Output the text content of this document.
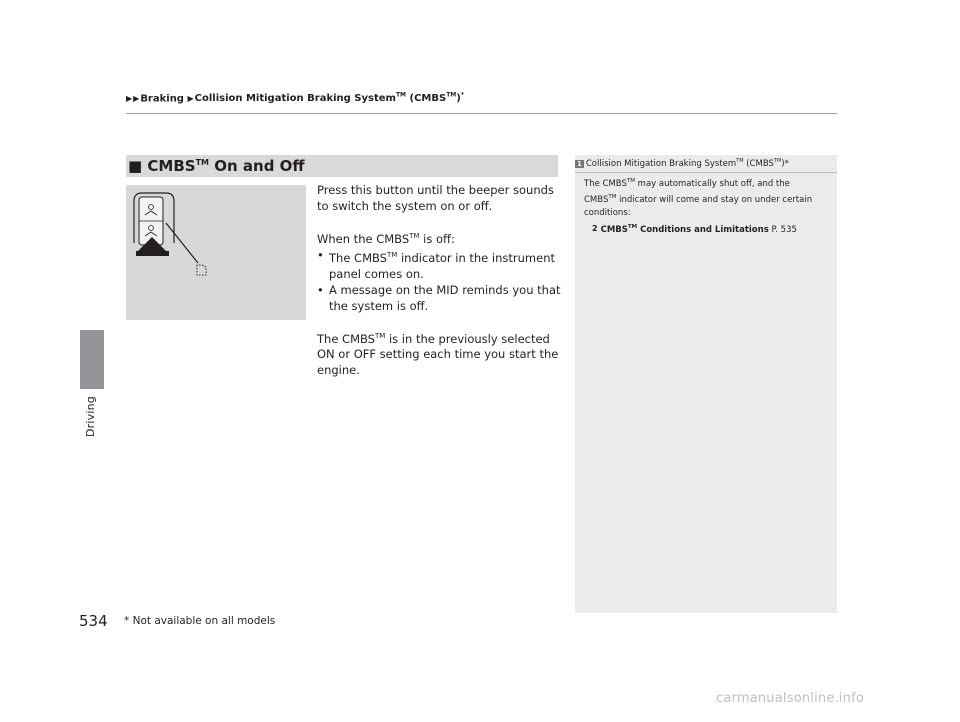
▶▶Braking ▶Collision Mitigation Braking System™ (CMBS™)*
Driving
■ CMBS™ On and Off

Press this button until the beeper sounds to switch the system on or off.

When the CMBS™ is off:

• The CMBS™ indicator in the instrument panel comes on.
• A message on the MID reminds you that the system is off.

The CMBS™ is in the previously selected ON or OFF setting each time you start the engine.

1 Collision Mitigation Braking System™ (CMBS™)*
The CMBS™ may automatically shut off, and the
CMBS™ indicator will come and stay on under certain conditions:
2 CMBS™ Conditions and Limitations P. 535
534 * Not available on all models
carmanualsonline.info
